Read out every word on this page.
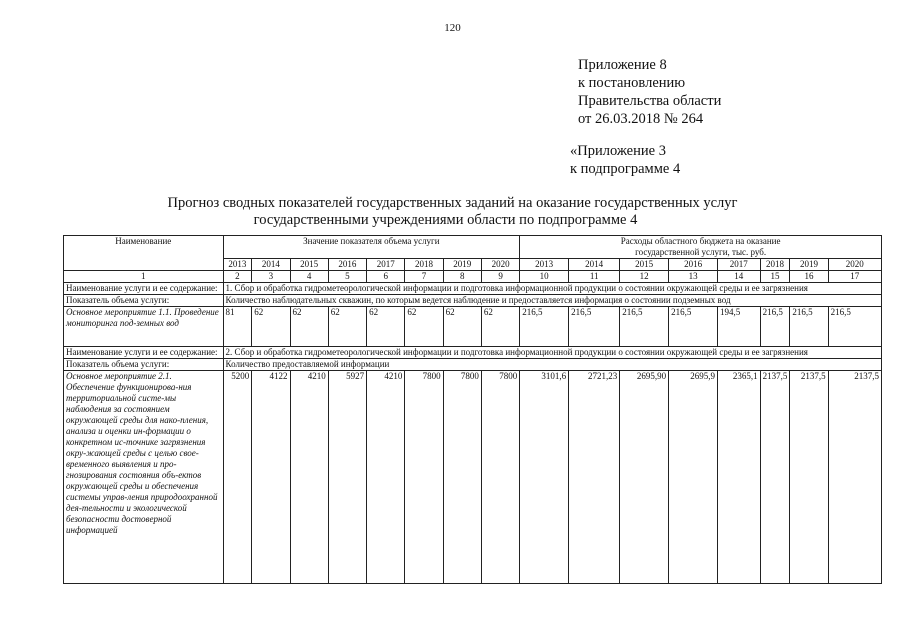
120
Приложение 8
к постановлению
Правительства области
от 26.03.2018 № 264
«Приложение 3
к подпрограмме 4
Прогноз сводных показателей государственных заданий на оказание государственных услуг
государственными учреждениями области по подпрограмме 4
Наименование	Значение показателя объема услуги								Расходы областного бюджета на оказание
государственной услуги, тыс. руб.							

	2013	2014	2015	2016	2017	2018	2019	2020	2013	2014	2015	2016	2017	2018	2019	2020
1	2	3	4	5	6	7	8	9	10	11	12	13	14	15	16	17
Наименование услуги и ее содержание:	1. Сбор и обработка гидрометеорологической информации и подготовка информационной продукции о состоянии окружающей среды и ее загрязнения															
Показатель объема услуги:	Количество наблюдательных скважин, по которым ведется наблюдение и предоставляется информация о состоянии подземных вод															
Основное мероприятие 1.1. Проведение мониторинга под-земных вод	81	62	62	62	62	62	62	62	216,5	216,5	216,5	216,5	194,5	216,5	216,5	216,5
Наименование услуги и ее содержание:	2. Сбор и обработка гидрометеорологической информации и подготовка информационной продукции о состоянии окружающей среды и ее загрязнения															
Показатель объема услуги:	Количество предоставляемой информации															
Основное мероприятие 2.1. Обеспечение функционирова-ния территориальной систе-мы наблюдения за состоянием окружающей среды для нако-пления, анализа и оценки ин-формации о конкретном ис-точнике загрязнения окру-жающей среды с целью свое-временного выявления и про-гнозирования состояния объ-ектов окружающей среды и обеспечения системы управ-ления природоохранной дея-тельности и экологической безопасности достоверной информацией	5200	4122	4210	5927	4210	7800	7800	7800	3101,6	2721,23	2695,90	2695,9	2365,1	2137,5	2137,5	2137,5
